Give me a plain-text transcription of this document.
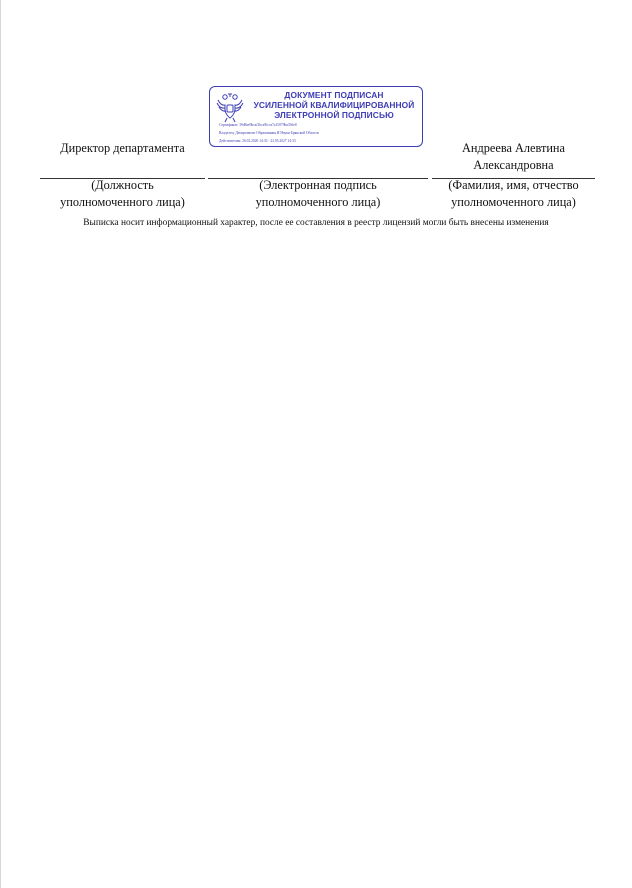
ДОКУМЕНТ ПОДПИСАН
УСИЛЕННОЙ КВАЛИФИЦИРОВАННОЙ
ЭЛЕКТРОННОЙ ПОДПИСЬЮ
Сертификат: 39d8ae9bcaf1bca9fcca7a15079ba336e8
Владелец: Департамент Образования И Науки Брянской Области
Действителен: 26.02.2026 14:33 - 22.05.2027 14:33
Директор департамента	Андреева Алевтина
Александровна
(Должность
уполномоченного лица)
(Электронная подпись
уполномоченного лица)
(Фамилия, имя, отчество
уполномоченного лица)
Выписка носит информационный характер, после ее составления в реестр лицензий могли быть внесены изменения
